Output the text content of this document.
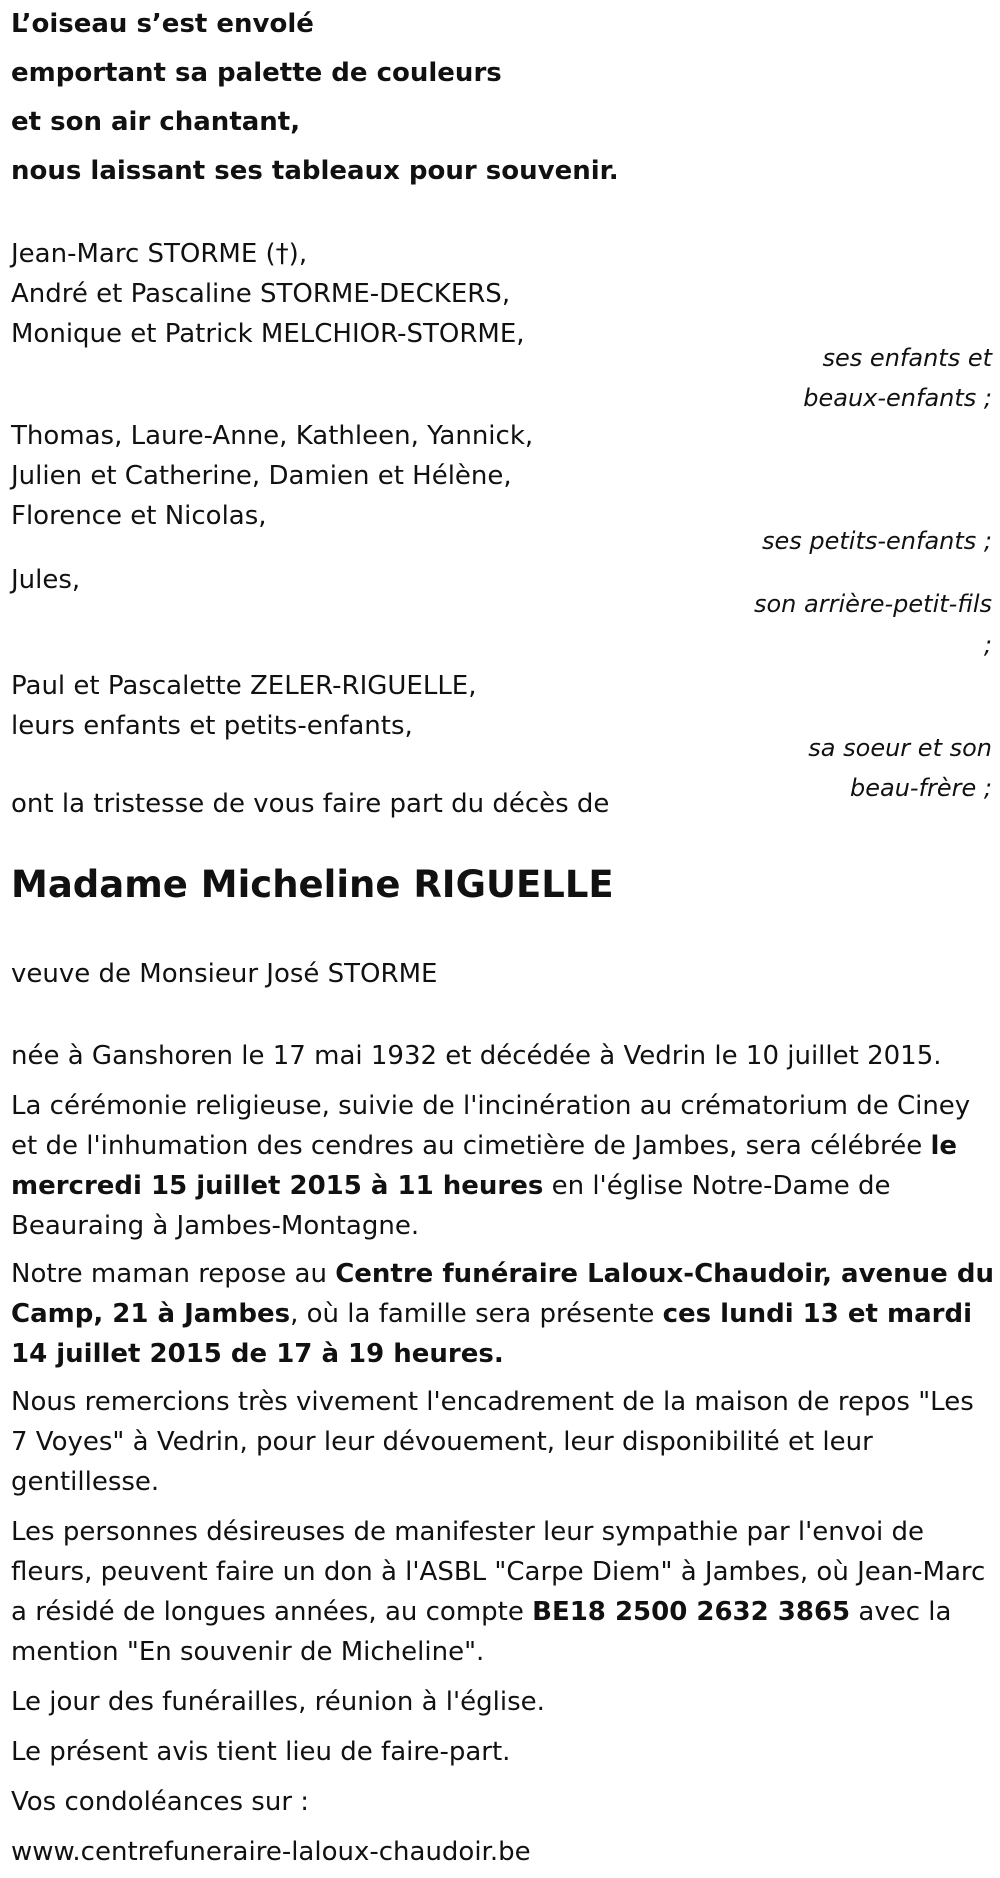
L’oiseau s’est envolé

emportant sa palette de couleurs

et son air chantant,

nous laissant ses tableaux pour souvenir.

Jean-Marc STORME (†),

André et Pascaline STORME-DECKERS,

Monique et Patrick MELCHIOR-STORME,

ses enfants et

beaux-enfants ;

Thomas, Laure-Anne, Kathleen, Yannick,

Julien et Catherine, Damien et Hélène,

Florence et Nicolas,

ses petits-enfants ;

Jules,

son arrière-petit-fils

;

Paul et Pascalette ZELER-RIGUELLE,

leurs enfants et petits-enfants,

sa soeur et son

beau-frère ;

ont la tristesse de vous faire part du décès de

Madame Micheline RIGUELLE

veuve de Monsieur José STORME

née à Ganshoren le 17 mai 1932 et décédée à Vedrin le 10 juillet 2015.

La cérémonie religieuse, suivie de l'incinération au crématorium de Ciney et de l'inhumation des cendres au cimetière de Jambes, sera célébrée le mercredi 15 juillet 2015 à 11 heures en l'église Notre-Dame de Beauraing à Jambes-Montagne.

Notre maman repose au Centre funéraire Laloux-Chaudoir, avenue du Camp, 21 à Jambes, où la famille sera présente ces lundi 13 et mardi 14 juillet 2015 de 17 à 19 heures.

Nous remercions très vivement l'encadrement de la maison de repos "Les 7 Voyes" à Vedrin, pour leur dévouement, leur disponibilité et leur gentillesse.

Les personnes désireuses de manifester leur sympathie par l'envoi de fleurs, peuvent faire un don à l'ASBL "Carpe Diem" à Jambes, où Jean-Marc a résidé de longues années, au compte BE18 2500 2632 3865 avec la mention "En souvenir de Micheline".

Le jour des funérailles, réunion à l'église.

Le présent avis tient lieu de faire-part.

Vos condoléances sur :

www.centrefuneraire-laloux-chaudoir.be
